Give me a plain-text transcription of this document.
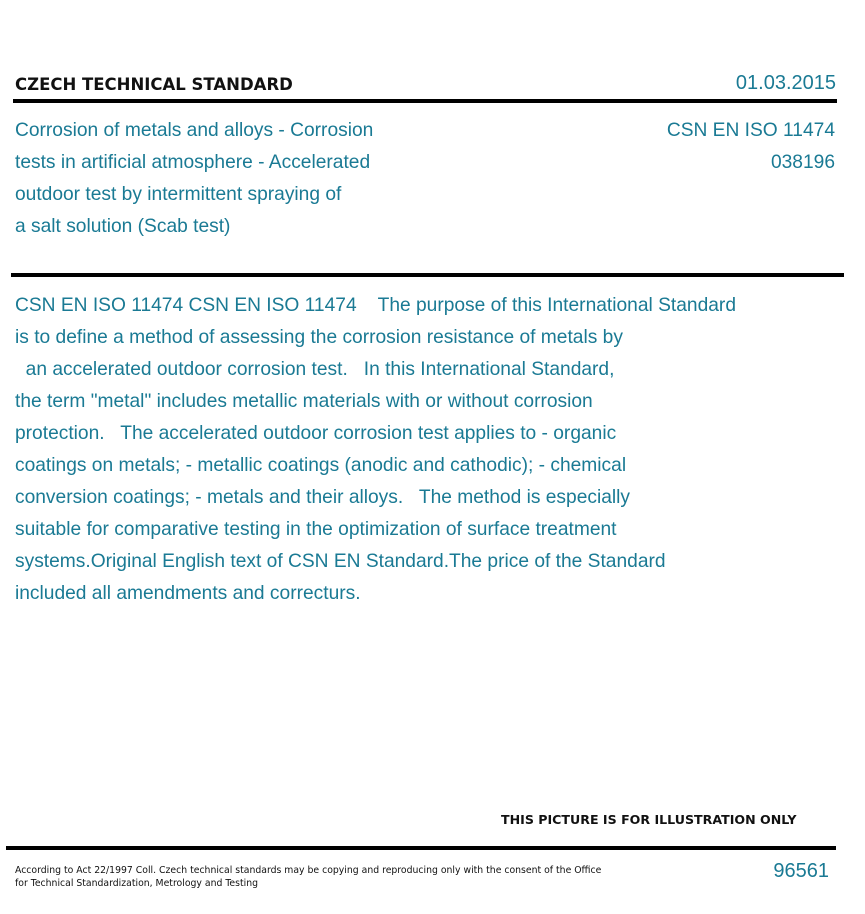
CZECH TECHNICAL STANDARD	01.03.2015
Corrosion of metals and alloys - Corrosion
tests in artificial atmosphere - Accelerated
outdoor test by intermittent spraying of
a salt solution (Scab test)
CSN EN ISO 11474
038196
CSN EN ISO 11474 CSN EN ISO 11474    The purpose of this International Standard
is to define a method of assessing the corrosion resistance of metals by
an accelerated outdoor corrosion test.   In this International Standard,
the term "metal" includes metallic materials with or without corrosion
protection.   The accelerated outdoor corrosion test applies to - organic
coatings on metals; - metallic coatings (anodic and cathodic); - chemical
conversion coatings; - metals and their alloys.   The method is especially
suitable for comparative testing in the optimization of surface treatment
systems.Original English text of CSN EN Standard.The price of the Standard
included all amendments and correcturs.
THIS PICTURE IS FOR ILLUSTRATION ONLY
According to Act 22/1997 Coll. Czech technical standards may be copying and reproducing only with the consent of the Office
for Technical Standardization, Metrology and Testing
96561
